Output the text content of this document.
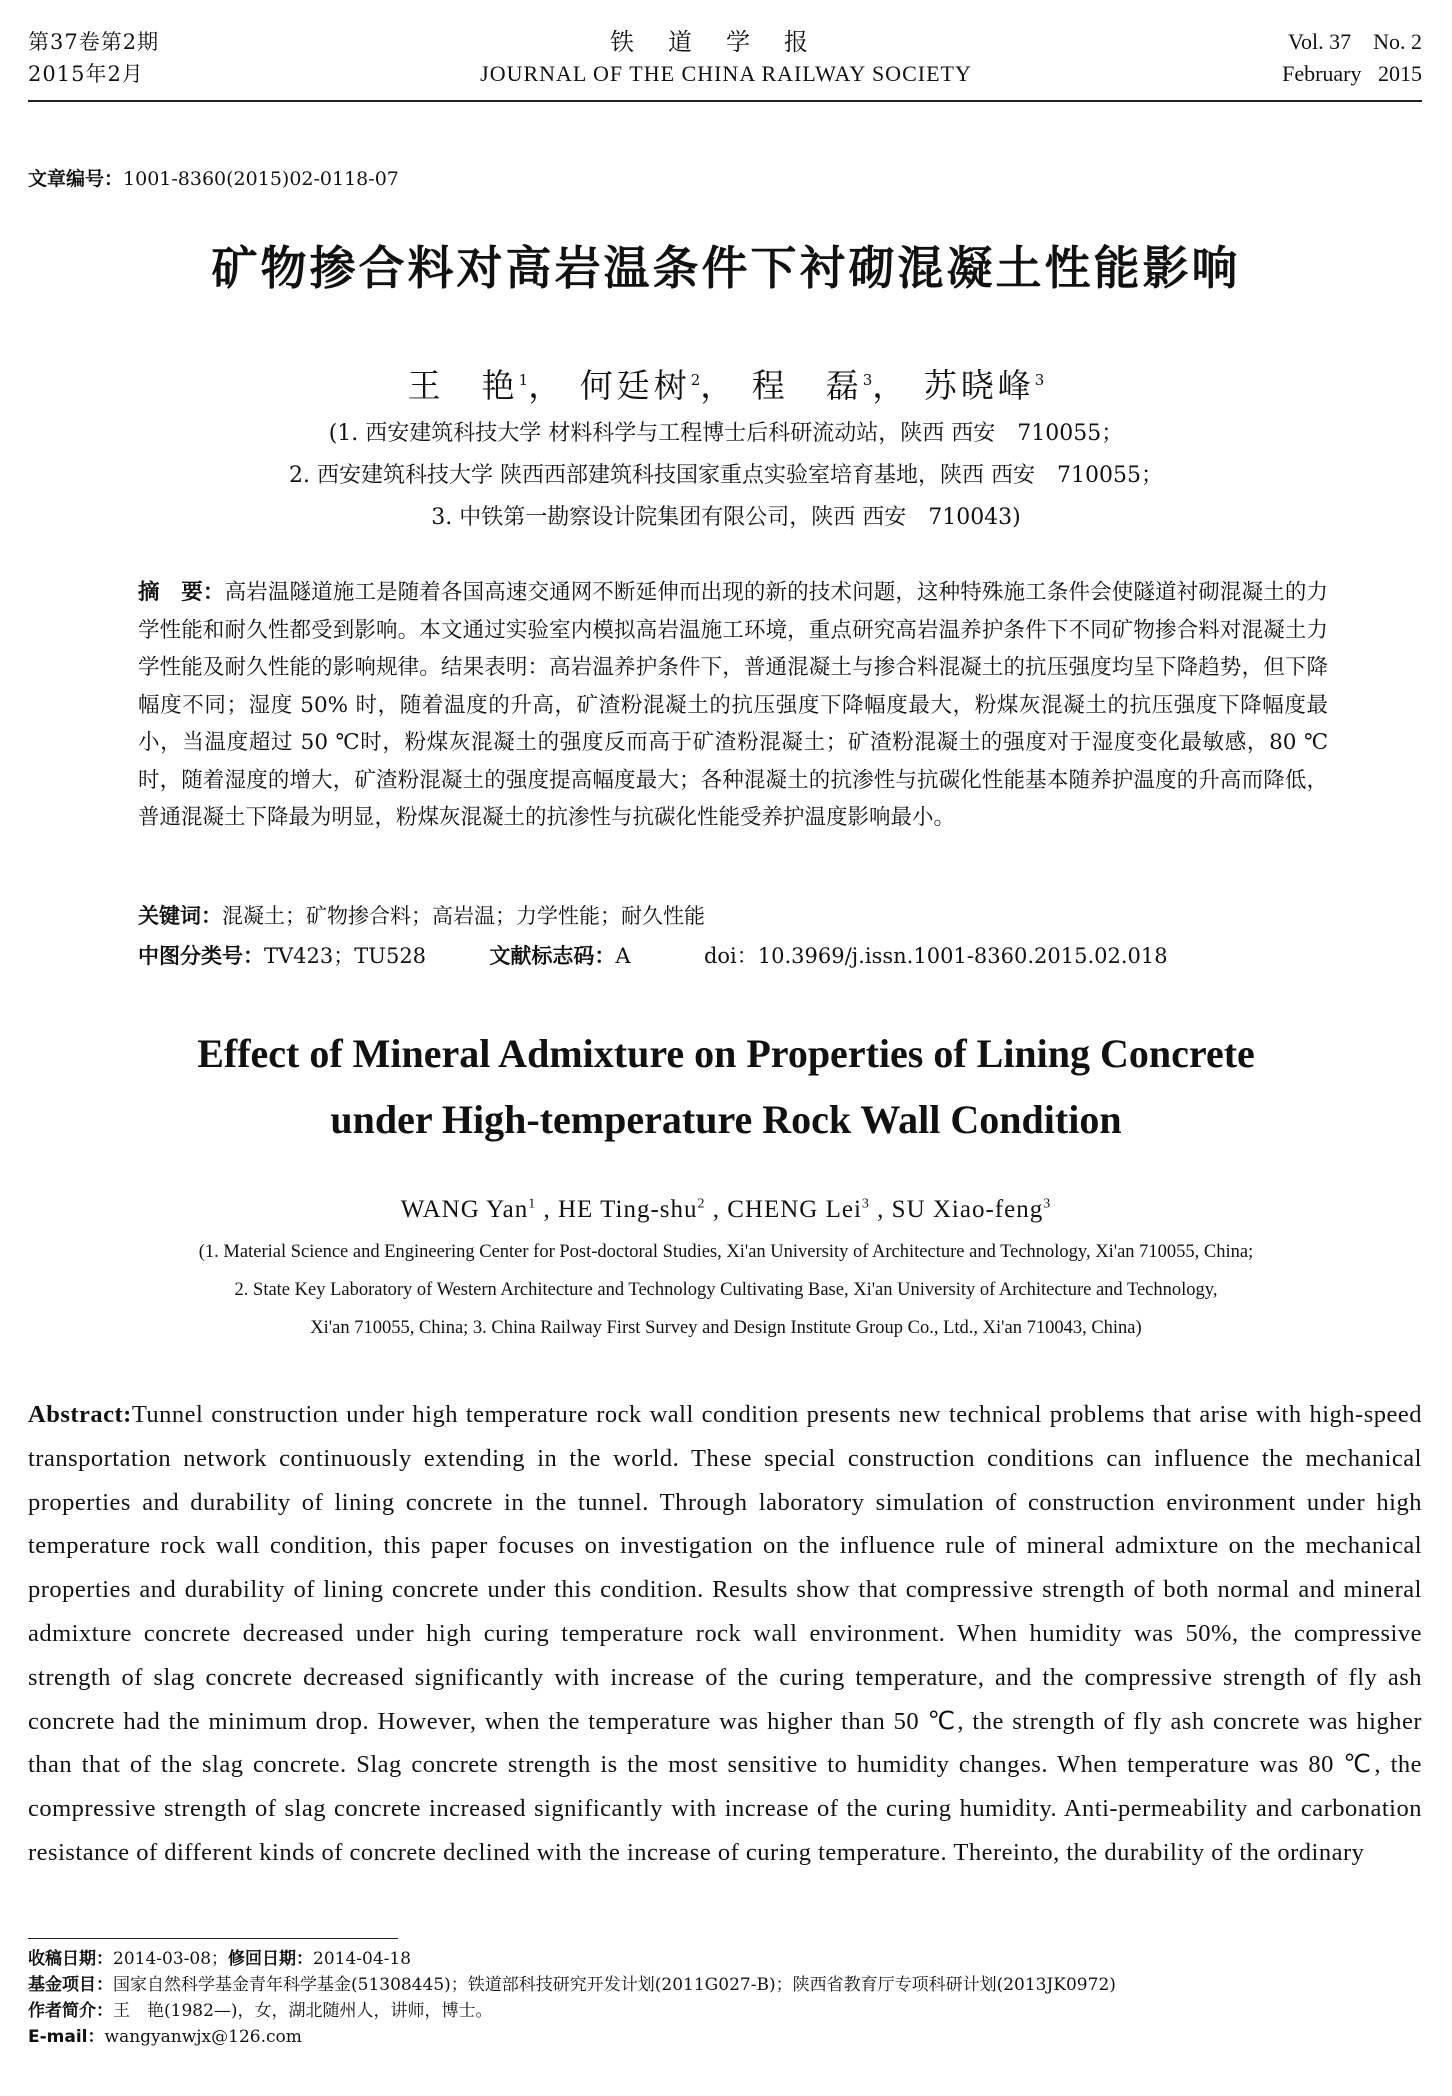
第37卷第2期
2015年2月
铁道学报
JOURNAL OF THE CHINA RAILWAY SOCIETY
Vol. 37    No. 2
February   2015
文章编号：1001-8360(2015)02-0118-07
矿物掺合料对高岩温条件下衬砌混凝土性能影响
王　艳$^1$， 何廷树$^2$， 程　磊$^3$， 苏晓峰$^3$
(1. 西安建筑科技大学 材料科学与工程博士后科研流动站，陕西 西安　710055；
2. 西安建筑科技大学 陕西西部建筑科技国家重点实验室培育基地，陕西 西安　710055；
3. 中铁第一勘察设计院集团有限公司，陕西 西安　710043)
摘　要：高岩温隧道施工是随着各国高速交通网不断延伸而出现的新的技术问题，这种特殊施工条件会使隧道衬砌混凝土的力学性能和耐久性都受到影响。本文通过实验室内模拟高岩温施工环境，重点研究高岩温养护条件下不同矿物掺合料对混凝土力学性能及耐久性能的影响规律。结果表明：高岩温养护条件下，普通混凝土与掺合料混凝土的抗压强度均呈下降趋势，但下降幅度不同；湿度 50% 时，随着温度的升高，矿渣粉混凝土的抗压强度下降幅度最大，粉煤灰混凝土的抗压强度下降幅度最小，当温度超过 50 ℃时，粉煤灰混凝土的强度反而高于矿渣粉混凝土；矿渣粉混凝土的强度对于湿度变化最敏感，80 ℃时，随着湿度的增大，矿渣粉混凝土的强度提高幅度最大；各种混凝土的抗渗性与抗碳化性能基本随养护温度的升高而降低，普通混凝土下降最为明显，粉煤灰混凝土的抗渗性与抗碳化性能受养护温度影响最小。
关键词：混凝土；矿物掺合料；高岩温；力学性能；耐久性能
中图分类号：TV423；TU528	文献标志码：A	doi：10.3969/j.issn.1001-8360.2015.02.018
Effect of Mineral Admixture on Properties of Lining Concrete
under High-temperature Rock Wall Condition
WANG Yan$^1$ , HE Ting-shu$^2$ , CHENG Lei$^3$ , SU Xiao-feng$^3$
(1. Material Science and Engineering Center for Post-doctoral Studies, Xi'an University of Architecture and Technology, Xi'an 710055, China;
2. State Key Laboratory of Western Architecture and Technology Cultivating Base, Xi'an University of Architecture and Technology,
Xi'an 710055, China; 3. China Railway First Survey and Design Institute Group Co., Ltd., Xi'an 710043, China)
Abstract:Tunnel construction under high temperature rock wall condition presents new technical problems that arise with high-speed transportation network continuously extending in the world. These special construction conditions can influence the mechanical properties and durability of lining concrete in the tunnel. Through laboratory simulation of construction environment under high temperature rock wall condition, this paper focuses on investigation on the influence rule of mineral admixture on the mechanical properties and durability of lining concrete under this condition. Results show that compressive strength of both normal and mineral admixture concrete decreased under high curing temperature rock wall environment. When humidity was 50%, the compressive strength of slag concrete decreased significantly with increase of the curing temperature, and the compressive strength of fly ash concrete had the minimum drop. However, when the temperature was higher than 50 ℃, the strength of fly ash concrete was higher than that of the slag concrete. Slag concrete strength is the most sensitive to humidity changes. When temperature was 80 ℃, the compressive strength of slag concrete increased significantly with increase of the curing humidity. Anti-permeability and carbonation resistance of different kinds of concrete declined with the increase of curing temperature. Thereinto, the durability of the ordinary
收稿日期：2014-03-08；修回日期：2014-04-18
基金项目：国家自然科学基金青年科学基金(51308445)；铁道部科技研究开发计划(2011G027-B)；陕西省教育厅专项科研计划(2013JK0972)
作者简介：王　艳(1982—)，女，湖北随州人，讲师，博士。
E-mail：wangyanwjx@126.com
